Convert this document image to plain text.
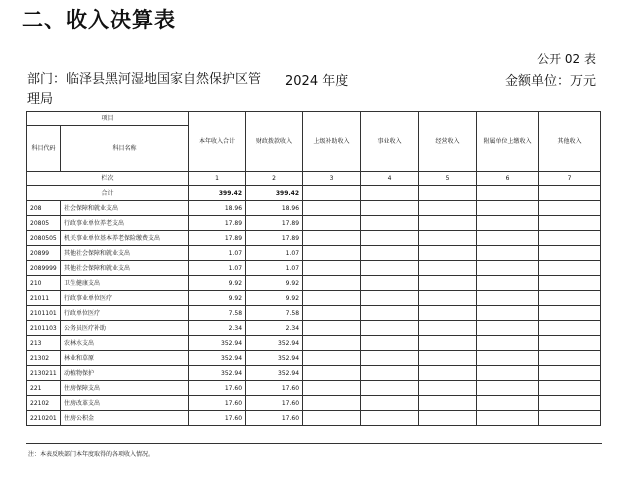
二、收入决算表
公开 02 表
部门：临泽县黑河湿地国家自然保护区管理局
2024 年度	金额单位：万元
项目		本年收入合计	财政拨款收入	上级补助收入	事业收入	经营收入	附属单位上缴收入	其他收入
科目代码	科目名称							
栏次		1	2	3	4	5	6	7
合计		399.42	399.42					
208	社会保障和就业支出	18.96	18.96					
20805	行政事业单位养老支出	17.89	17.89					
2080505	机关事业单位基本养老保险缴费支出	17.89	17.89					
20899	其他社会保障和就业支出	1.07	1.07					
2089999	其他社会保障和就业支出	1.07	1.07					
210	卫生健康支出	9.92	9.92					
21011	行政事业单位医疗	9.92	9.92					
2101101	行政单位医疗	7.58	7.58					
2101103	公务员医疗补助	2.34	2.34					
213	农林水支出	352.94	352.94					
21302	林业和草原	352.94	352.94					
2130211	动植物保护	352.94	352.94					
221	住房保障支出	17.60	17.60					
22102	住房改革支出	17.60	17.60					
2210201	住房公积金	17.60	17.60					
注：本表反映部门本年度取得的各项收入情况。
